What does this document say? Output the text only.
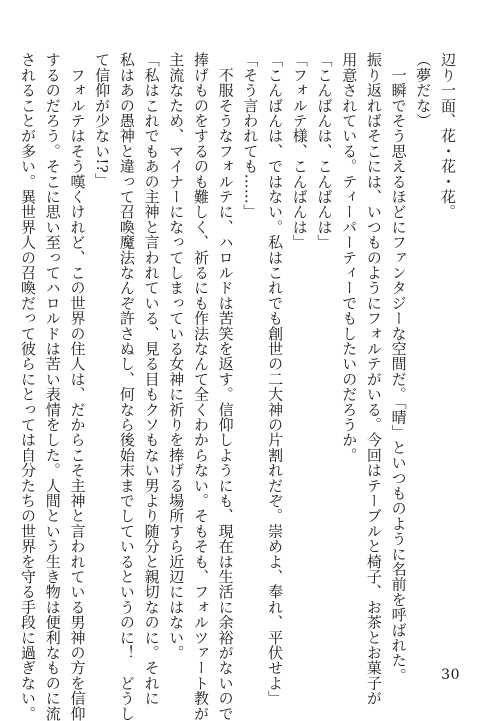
辺り一面、花・花・花。
（夢だな）
　一瞬でそう思えるほどにファンタジーな空間だ。「晴」といつものように名前を呼ばれた。
振り返ればそこには、いつものようにフォルテがいる。今回はテーブルと椅子、お茶とお菓子が
用意されている。ティーパーティーでもしたいのだろうか。
「こんばんは、こんばんは」
「フォルテ様、こんばんは」
「こんばんは、ではない。私はこれでも創世の二大神の片割れだぞ。崇めよ、奉れ、平伏せよ」
「そう言われても……」
　不服そうなフォルテに、ハロルドは苦笑を返す。信仰しようにも、現在は生活に余裕がないので
捧げものをするのも難しく、祈るにも作法なんて全くわからない。そもそも、フォルツァート教が
主流なため、マイナーになってしまっている女神に祈りを捧げる場所すら近辺にはない。
「私はこれでもあの主神と言われている、見る目もクソもない男より随分と親切なのに。それに
私はあの愚神と違って召喚魔法なんぞ許さぬし、何なら後始末までしているというのに！　どうし
て信仰が少ない!?」
　フォルテはそう嘆くけれど、この世界の住人は、だからこそ主神と言われている男神の方を信仰
するのだろう。そこに思い至ってハロルドは苦い表情をした。人間という生き物は便利なものに流
されることが多い。異世界人の召喚だって彼らにとっては自分たちの世界を守る手段に過ぎない。	30
